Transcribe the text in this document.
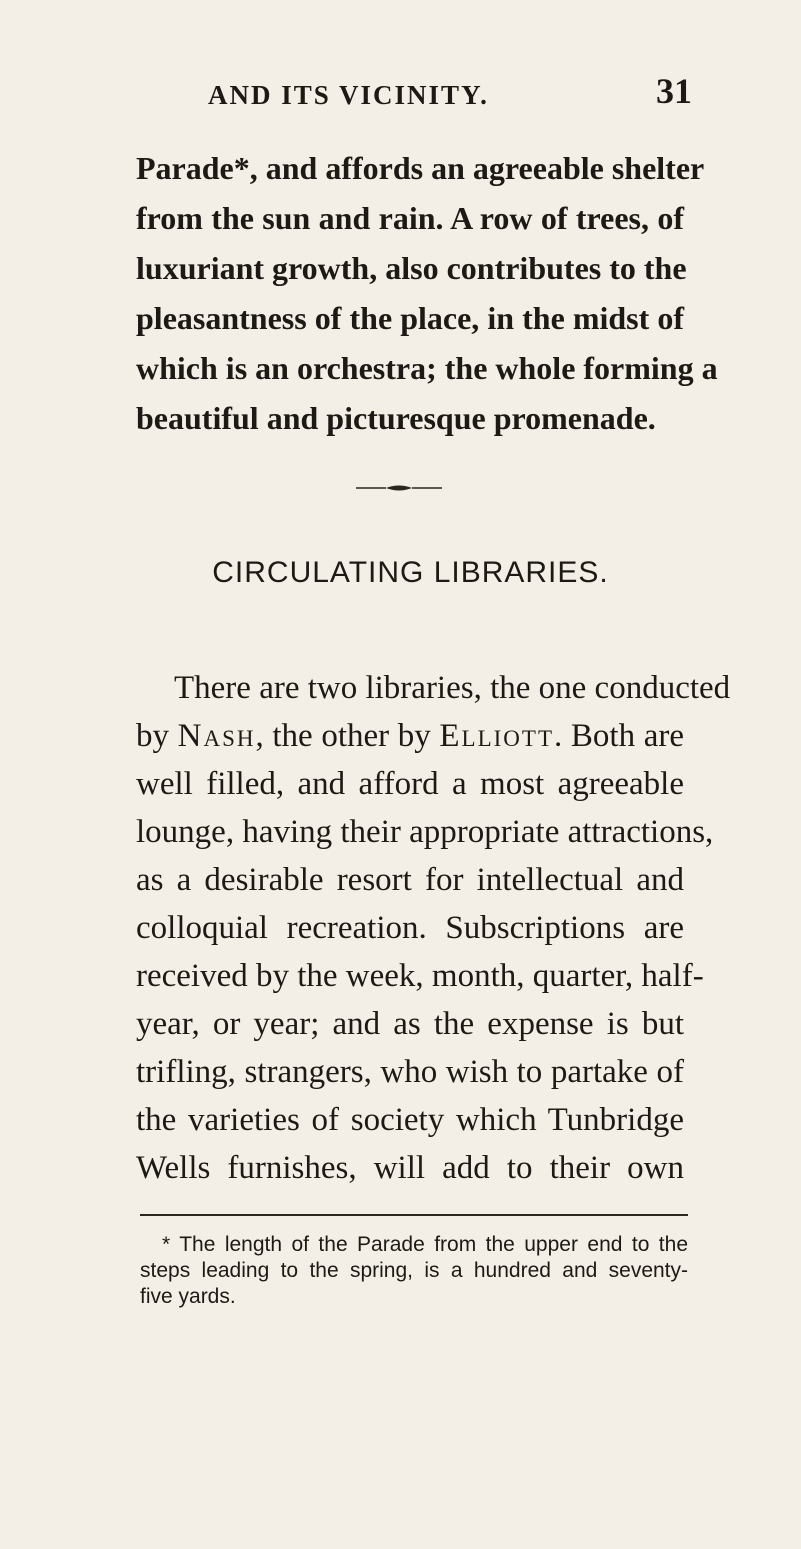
AND ITS VICINITY.	31
Parade*, and affords an agreeable shelter
from the sun and rain. A row of trees, of
luxuriant growth, also contributes to the
pleasantness of the place, in the midst of
which is an orchestra; the whole forming a
beautiful and picturesque promenade.
CIRCULATING LIBRARIES.
There are two libraries, the one conducted
by Nash, the other by Elliott. Both are
well filled, and afford a most agreeable
lounge, having their appropriate attractions,
as a desirable resort for intellectual and
colloquial recreation. Subscriptions are
received by the week, month, quarter, half-
year, or year; and as the expense is but
trifling, strangers, who wish to partake of
the varieties of society which Tunbridge
Wells furnishes, will add to their own
* The length of the Parade from the upper end to the
steps leading to the spring, is a hundred and seventy-
five yards.
